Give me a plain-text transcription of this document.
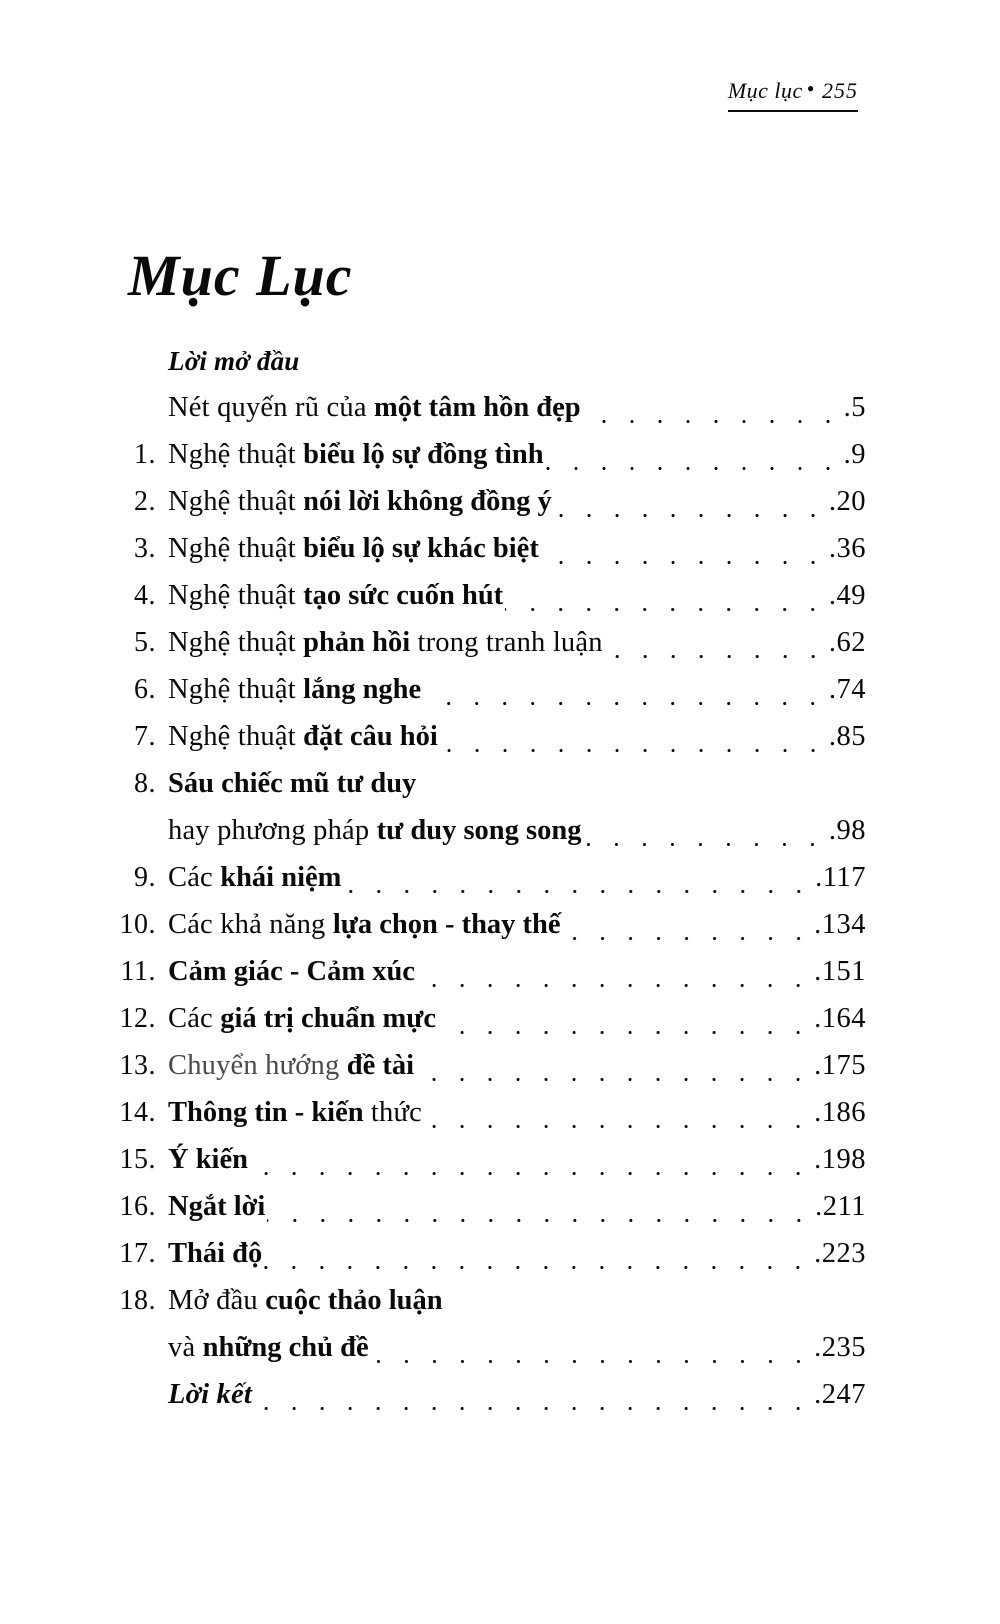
Mục lục • 255
Mục Lục
Lời mở đầu
Nét quyến rũ của một tâm hồn đẹp	. 5
1. Nghệ thuật biểu lộ sự đồng tình	. 9
2. Nghệ thuật nói lời không đồng ý	. 20
3. Nghệ thuật biểu lộ sự khác biệt	. 36
4. Nghệ thuật tạo sức cuốn hút	. 49
5. Nghệ thuật phản hồi trong tranh luận	. 62
6. Nghệ thuật lắng nghe	. 74
7. Nghệ thuật đặt câu hỏi	. 85
8. Sáu chiếc mũ tư duy
hay phương pháp tư duy song song	. 98
9. Các khái niệm	. 117
10. Các khả năng lựa chọn - thay thế	. 134
11. Cảm giác - Cảm xúc	. 151
12. Các giá trị chuẩn mực	. 164
13. Chuyển hướng đề tài	. 175
14. Thông tin - kiến thức	. 186
15. Ý kiến	. 198
16. Ngắt lời	. 211
17. Thái độ	. 223
18. Mở đầu cuộc thảo luận
và những chủ đề	. 235
Lời kết	. 247
